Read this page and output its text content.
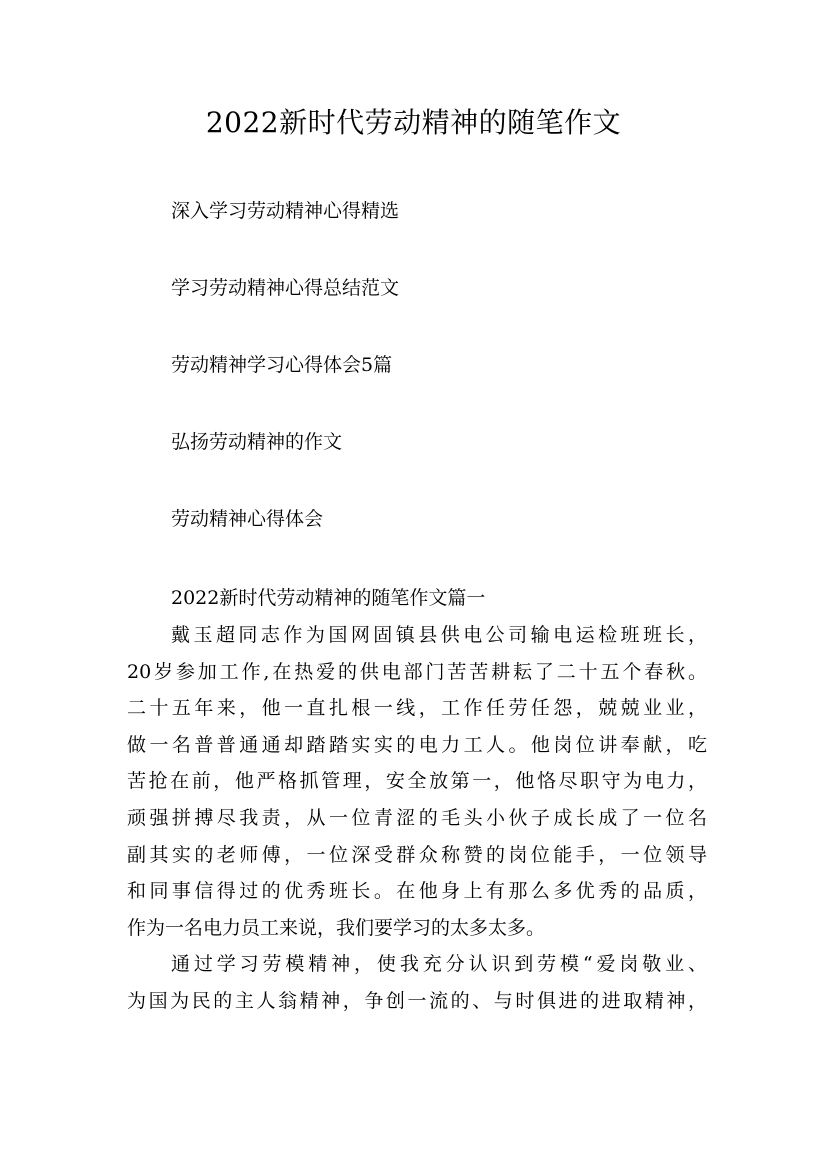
2022新时代劳动精神的随笔作文
深入学习劳动精神心得精选
学习劳动精神心得总结范文
劳动精神学习心得体会5篇
弘扬劳动精神的作文
劳动精神心得体会
2022新时代劳动精神的随笔作文篇一
戴玉超同志作为国网固镇县供电公司输电运检班班长，
20岁参加工作,在热爱的供电部门苦苦耕耘了二十五个春秋。
二十五年来，他一直扎根一线，工作任劳任怨，兢兢业业，
做一名普普通通却踏踏实实的电力工人。他岗位讲奉献，吃
苦抢在前，他严格抓管理，安全放第一，他恪尽职守为电力，
顽强拼搏尽我责，从一位青涩的毛头小伙子成长成了一位名
副其实的老师傅，一位深受群众称赞的岗位能手，一位领导
和同事信得过的优秀班长。在他身上有那么多优秀的品质，
作为一名电力员工来说，我们要学习的太多太多。
通过学习劳模精神，使我充分认识到劳模“爱岗敬业、
为国为民的主人翁精神，争创一流的、与时俱进的进取精神，
